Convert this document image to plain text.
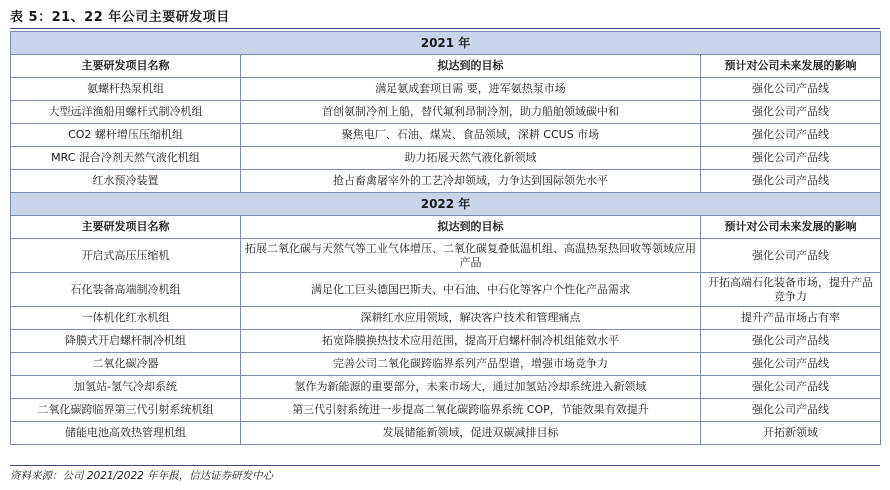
表 5：21、22 年公司主要研发项目
2021 年		
主要研发项目名称	拟达到的目标	预计对公司未来发展的影响
氨螺杆热泵机组	满足氨成套项目需 要，进军氨热泵市场	强化公司产品线
大型远洋渔船用螺杆式制冷机组	首创氨制冷剂上船，替代氟利昂制冷剂，助力船舶领域碳中和	强化公司产品线
CO2 螺杆增压压缩机组	聚焦电厂、石油、煤炭、食品领域，深耕 CCUS 市场	强化公司产品线
MRC 混合冷剂天然气液化机组	助力拓展天然气液化新领域	强化公司产品线
红水预冷装置	抢占畜禽屠宰外的工艺冷却领域，力争达到国际领先水平	强化公司产品线
2022 年		
主要研发项目名称	拟达到的目标	预计对公司未来发展的影响
开启式高压压缩机	拓展二氧化碳与天然气等工业气体增压、二氧化碳复叠低温机组、高温热泵热回收等领域应用产品	强化公司产品线
石化装备高端制冷机组	满足化工巨头德国巴斯夫、中石油、中石化等客户个性化产品需求	开拓高端石化装备市场，提升产品竞争力
一体机化红水机组	深耕红水应用领域，解决客户技术和管理痛点	提升产品市场占有率
降膜式开启螺杆制冷机组	拓宽降膜换热技术应用范围，提高开启螺杆制冷机组能效水平	强化公司产品线
二氧化碳冷器	完善公司二氧化碳跨临界系列产品型谱，增强市场竞争力	强化公司产品线
加氢站-氢气冷却系统	氢作为新能源的重要部分，未来市场大，通过加氢站冷却系统进入新领域	强化公司产品线
二氧化碳跨临界第三代引射系统机组	第三代引射系统进一步提高二氧化碳跨临界系统 COP，节能效果有效提升	强化公司产品线
储能电池高效热管理机组	发展储能新领域，促进双碳减排目标	开拓新领域
资料来源：公司 2021/2022 年年报，信达证券研发中心
